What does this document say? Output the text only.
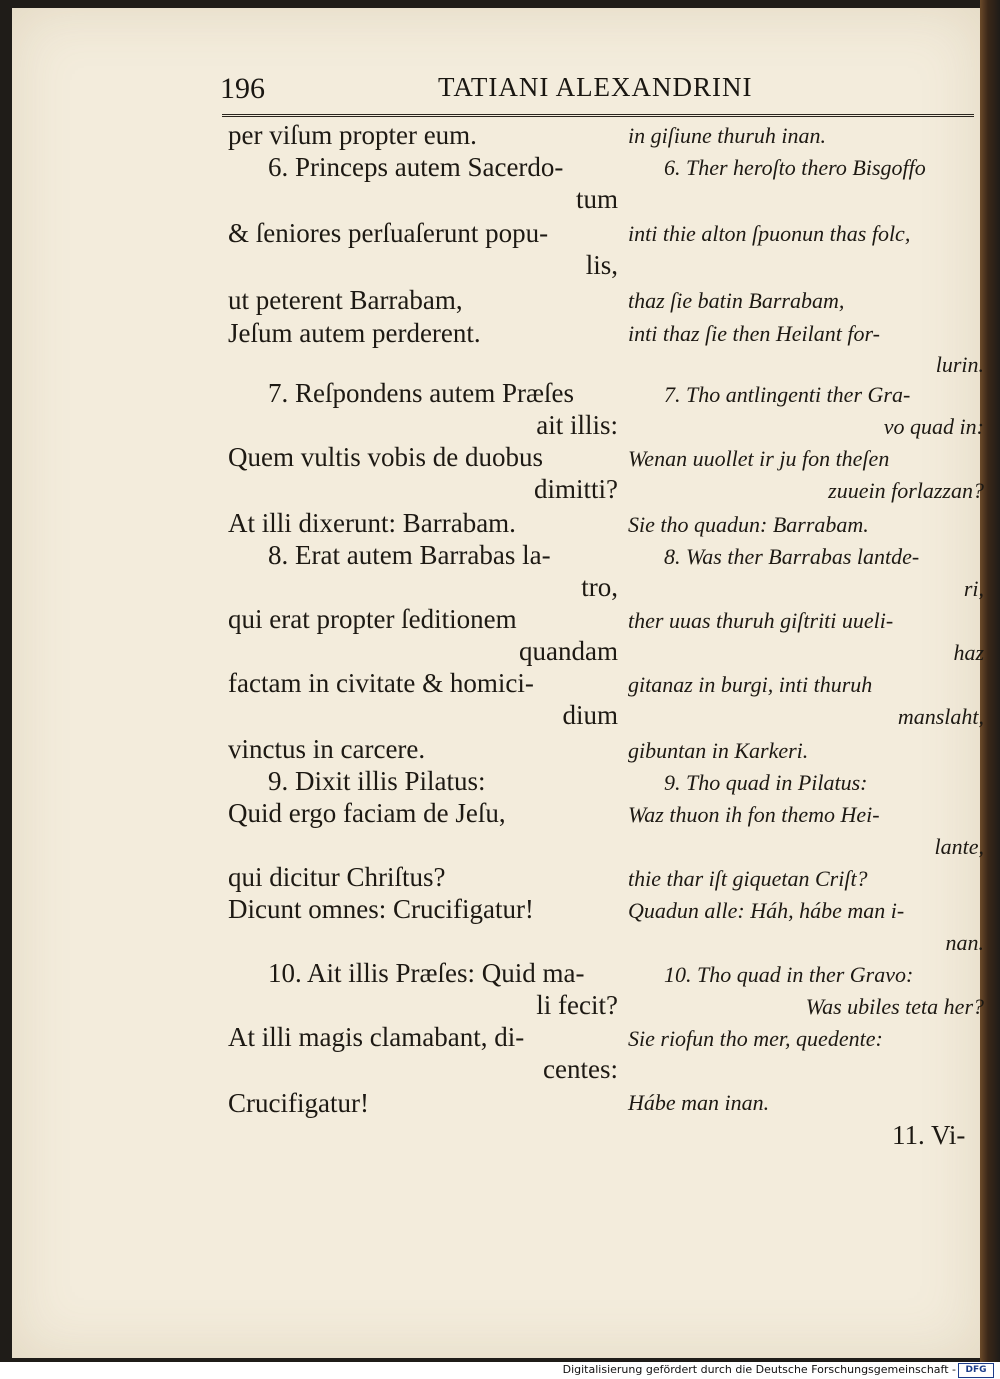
196	TATIANI ALEXANDRINI
per viſum propter eum.
6. Princeps autem Sacerdo-
tum
& ſeniores perſuaſerunt popu-
lis,
ut peterent Barrabam,
Jeſum autem perderent.
7. Reſpondens autem Præſes
ait illis:
Quem vultis vobis de duobus
dimitti?
At illi dixerunt: Barrabam.
8. Erat autem Barrabas la-
tro,
qui erat propter ſeditionem
quandam
factam in civitate & homici-
dium
vinctus in carcere.
9. Dixit illis Pilatus:
Quid ergo faciam de Jeſu,
qui dicitur Chriſtus?
Dicunt omnes: Crucifigatur!
10. Ait illis Præſes: Quid ma-
li fecit?
At illi magis clamabant, di-
centes:
Crucifigatur!
in giſiune thuruh inan.
6. Ther heroſto thero Bisgoffo
inti thie alton ſpuonun thas folc,
thaz ſie batin Barrabam,
inti thaz ſie then Heilant for-
lurin.
7. Tho antlingenti ther Gra-
vo quad in:
Wenan uuollet ir ju fon theſen
zuuein forlazzan?
Sie tho quadun: Barrabam.
8. Was ther Barrabas lantde-
ri,
ther uuas thuruh giſtriti uueli-
haz
gitanaz in burgi, inti thuruh
manslaht,
gibuntan in Karkeri.
9. Tho quad in Pilatus:
Waz thuon ih fon themo Hei-
lante,
thie thar iſt giquetan Criſt?
Quadun alle: Háh, hábe man i-
nan.
10. Tho quad in ther Gravo:
Was ubiles teta her?
Sie riofun tho mer, quedente:
Hábe man inan.
11. Vi-
Digitalisierung gefördert durch die Deutsche Forschungsgemeinschaft -	DFG
